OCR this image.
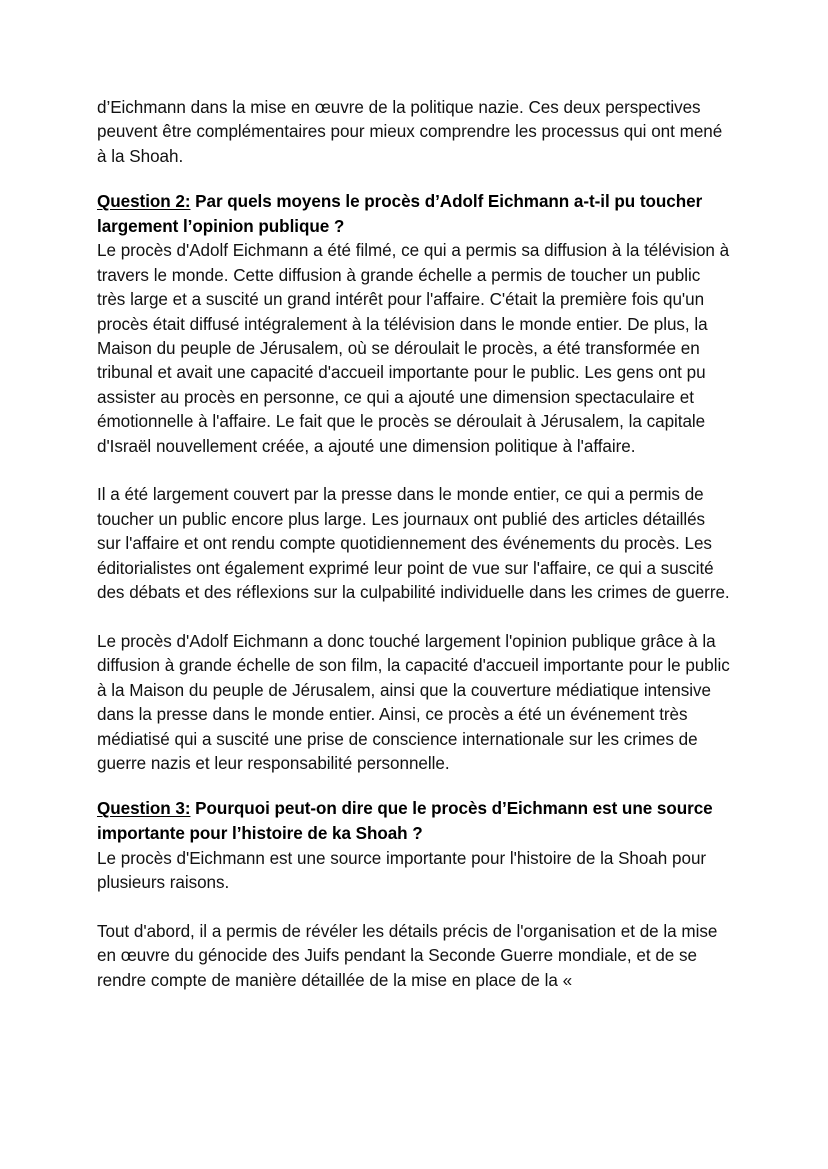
d’Eichmann dans la mise en œuvre de la politique nazie. Ces deux perspectives peuvent être complémentaires pour mieux comprendre les processus qui ont mené à la Shoah.

Question 2: Par quels moyens le procès d’Adolf Eichmann a-t-il pu toucher largement l’opinion publique ?

Le procès d'Adolf Eichmann a été filmé, ce qui a permis sa diffusion à la télévision à travers le monde. Cette diffusion à grande échelle a permis de toucher un public très large et a suscité un grand intérêt pour l'affaire. C'était la première fois qu'un procès était diffusé intégralement à la télévision dans le monde entier. De plus, la Maison du peuple de Jérusalem, où se déroulait le procès, a été transformée en tribunal et avait une capacité d'accueil importante pour le public. Les gens ont pu assister au procès en personne, ce qui a ajouté une dimension spectaculaire et émotionnelle à l'affaire. Le fait que le procès se déroulait à Jérusalem, la capitale d'Israël nouvellement créée, a ajouté une dimension politique à l'affaire.

Il a été largement couvert par la presse dans le monde entier, ce qui a permis de toucher un public encore plus large. Les journaux ont publié des articles détaillés sur l'affaire et ont rendu compte quotidiennement des événements du procès. Les éditorialistes ont également exprimé leur point de vue sur l'affaire, ce qui a suscité des débats et des réflexions sur la culpabilité individuelle dans les crimes de guerre.

Le procès d'Adolf Eichmann a donc touché largement l'opinion publique grâce à la diffusion à grande échelle de son film, la capacité d'accueil importante pour le public à la Maison du peuple de Jérusalem, ainsi que la couverture médiatique intensive dans la presse dans le monde entier. Ainsi, ce procès a été un événement très médiatisé qui a suscité une prise de conscience internationale sur les crimes de guerre nazis et leur responsabilité personnelle.

Question 3: Pourquoi peut-on dire que le procès d’Eichmann est une source importante pour l’histoire de ka Shoah ?

Le procès d'Eichmann est une source importante pour l'histoire de la Shoah pour plusieurs raisons.

Tout d'abord, il a permis de révéler les détails précis de l'organisation et de la mise en œuvre du génocide des Juifs pendant la Seconde Guerre mondiale, et de se rendre compte de manière détaillée de la mise en place de la «
